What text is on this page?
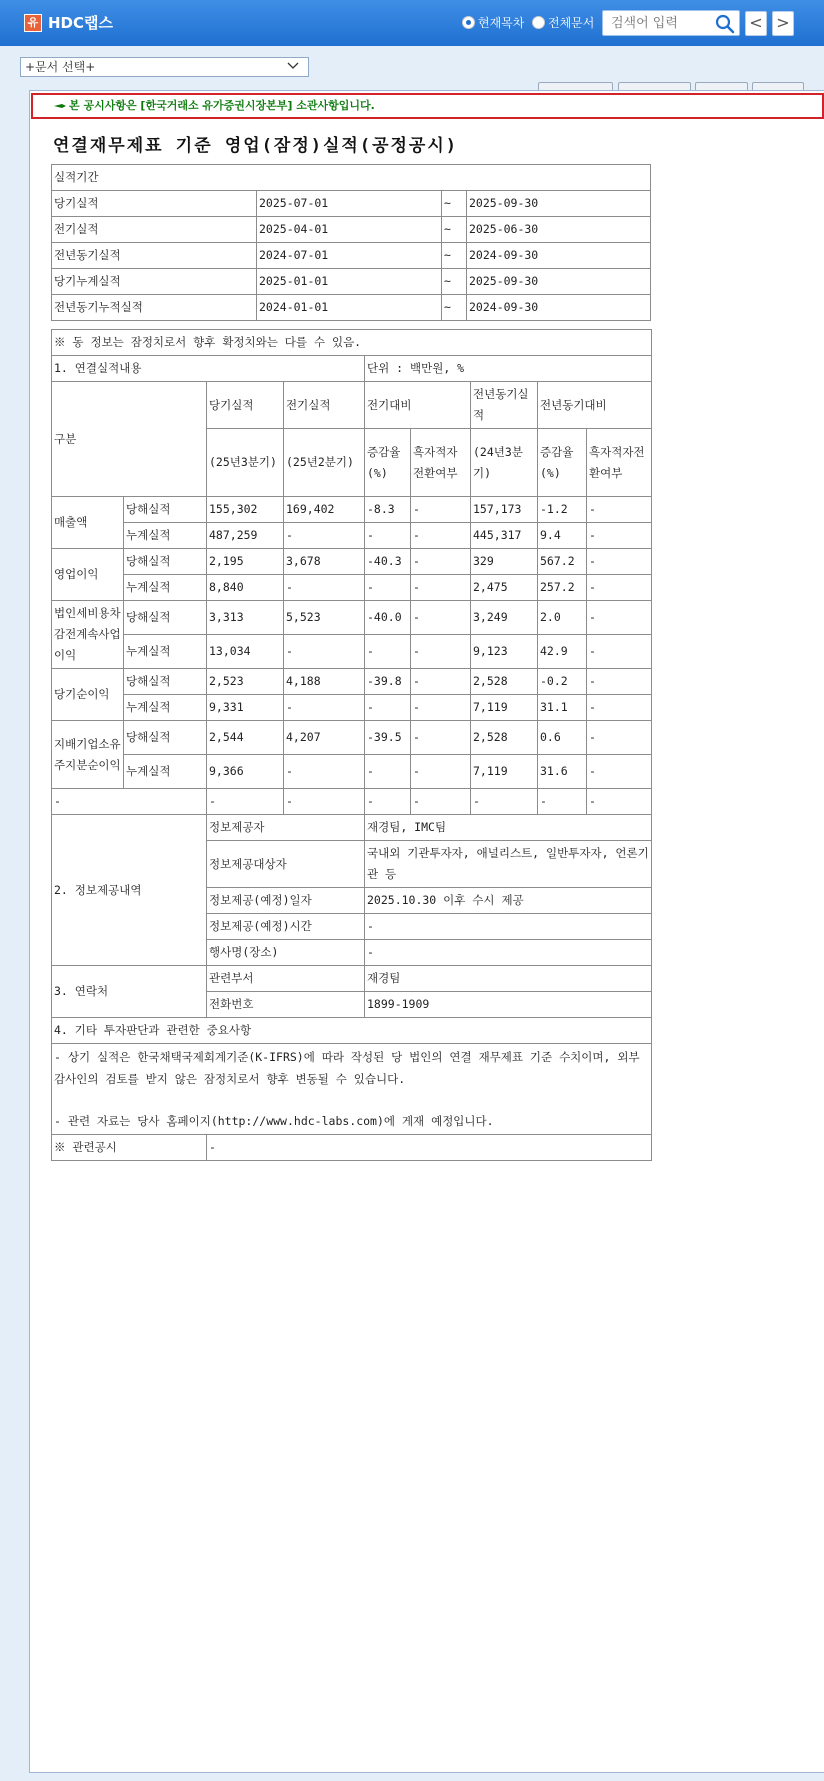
유 HDC랩스	현재목차 전체문서
검색어 입력	< >
+문서 선택+
본 공시사항은 [한국거래소 유가증권시장본부] 소관사항입니다.
연결재무제표 기준 영업(잠정)실적(공정공시)
실적기간			
당기실적	2025-07-01	~	2025-09-30
전기실적	2025-04-01	~	2025-06-30
전년동기실적	2024-07-01	~	2024-09-30
당기누계실적	2025-01-01	~	2025-09-30
전년동기누적실적	2024-01-01	~	2024-09-30
※ 동 정보는 잠정치로서 향후 확정치와는 다를 수 있음.								
1. 연결실적내용				단위 : 백만원, %				
구분		당기실적	전기실적	전기대비		전년동기실적	전년동기대비	
		(25년3분기)	(25년2분기)	증감율(%)	흑자적자전환여부	(24년3분기)	증감율(%)	흑자적자전환여부
매출액	당해실적	155,302	169,402	-8.3	-	157,173	-1.2	-
	누계실적	487,259	-	-	-	445,317	9.4	-
영업이익	당해실적	2,195	3,678	-40.3	-	329	567.2	-
	누계실적	8,840	-	-	-	2,475	257.2	-
법인세비용차감전계속사업이익	당해실적	3,313	5,523	-40.0	-	3,249	2.0	-
	누계실적	13,034	-	-	-	9,123	42.9	-
당기순이익	당해실적	2,523	4,188	-39.8	-	2,528	-0.2	-
	누계실적	9,331	-	-	-	7,119	31.1	-
지배기업소유주지분순이익	당해실적	2,544	4,207	-39.5	-	2,528	0.6	-
	누계실적	9,366	-	-	-	7,119	31.6	-
-		-	-	-	-	-	-	-
2. 정보제공내역		정보제공자		재경팀, IMC팀				
		정보제공대상자		국내외 기관투자자, 애널리스트, 일반투자자, 언론기관 등				
		정보제공(예정)일자		2025.10.30 이후 수시 제공				
		정보제공(예정)시간		-				
		행사명(장소)		-				
3. 연락처		관련부서		재경팀				
		전화번호		1899-1909				
4. 기타 투자판단과 관련한 중요사항								

- 상기 실적은 한국채택국제회계기준(K-IFRS)에 따라 작성된 당 법인의 연결 재무제표 기준 수치이며, 외부감사인의 검토를 받지 않은 잠정치로서 향후 변동될 수 있습니다.
- 관련 자료는 당사 홈페이지(http://www.hdc-labs.com)에 게재 예정입니다.								

※ 관련공시		-						
